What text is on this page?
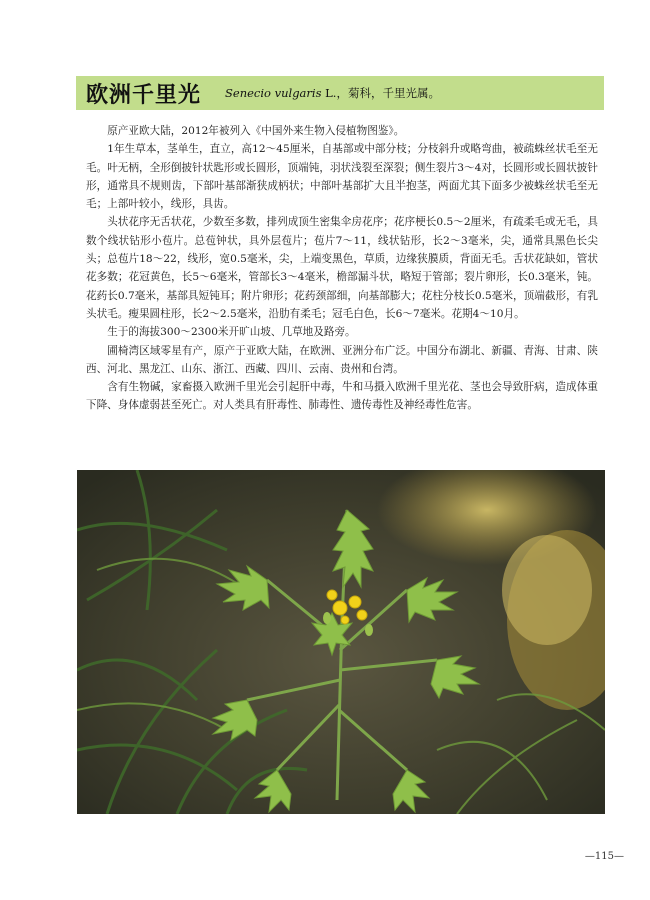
欧洲千里光 Senecio vulgaris L.，菊科，千里光属。

原产亚欧大陆，2012年被列入《中国外来生物入侵植物图鉴》。

1年生草本，茎单生，直立，高12～45厘米，自基部或中部分枝；分枝斜升或略弯曲，被疏蛛丝状毛至无毛。叶无柄，全形倒披针状匙形或长圆形，顶端钝，羽状浅裂至深裂；侧生裂片3～4对，长圆形或长圆状披针形，通常具不规则齿，下部叶基部渐狭成柄状；中部叶基部扩大且半抱茎，两面尤其下面多少被蛛丝状毛至无毛；上部叶较小，线形，具齿。

头状花序无舌状花，少数至多数，排列成顶生密集伞房花序；花序梗长0.5～2厘米，有疏柔毛或无毛，具数个线状钻形小苞片。总苞钟状，具外层苞片；苞片7～11，线状钻形，长2～3毫米，尖，通常具黑色长尖头；总苞片18～22，线形，宽0.5毫米，尖，上端变黑色，草质，边缘狭膜质，背面无毛。舌状花缺如，管状花多数；花冠黄色，长5～6毫米，管部长3～4毫米，檐部漏斗状，略短于管部；裂片卵形，长0.3毫米，钝。花药长0.7毫米，基部具短钝耳；附片卵形；花药颈部细，向基部膨大；花柱分枝长0.5毫米，顶端截形，有乳头状毛。瘦果圆柱形，长2～2.5毫米，沿肋有柔毛；冠毛白色，长6～7毫米。花期4～10月。

生于的海拔300～2300米开旷山坡、几草地及路旁。

圃椅湾区域零星有产，原产于亚欧大陆，在欧洲、亚洲分布广泛。中国分布湖北、新疆、青海、甘肃、陕西、河北、黑龙江、山东、浙江、西藏、四川、云南、贵州和台湾。

含有生物碱，家畜摄入欧洲千里光会引起肝中毒，牛和马摄入欧洲千里光花、茎也会导致肝病，造成体重下降、身体虚弱甚至死亡。对人类具有肝毒性、肺毒性、遗传毒性及神经毒性危害。

—115—
